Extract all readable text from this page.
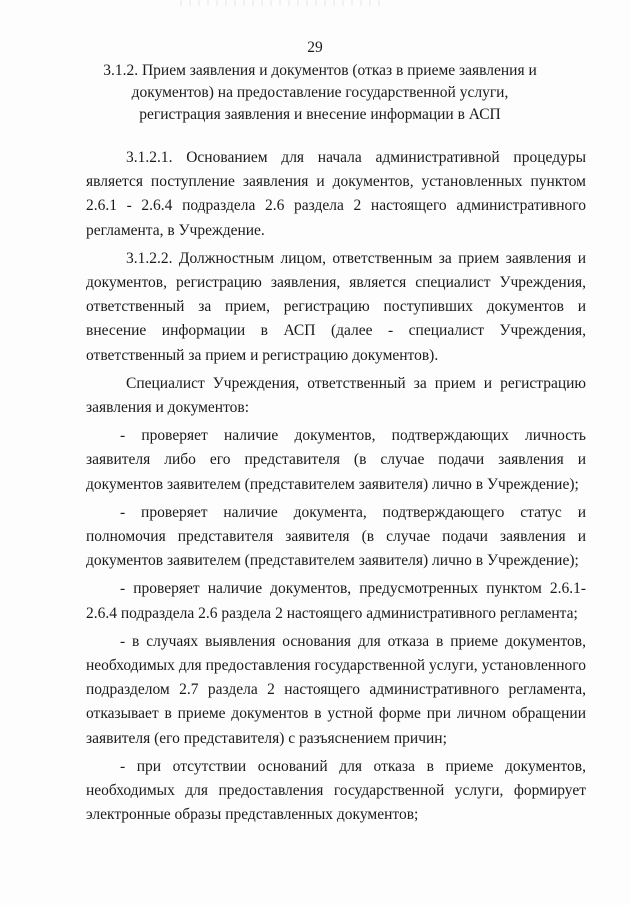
29
3.1.2. Прием заявления и документов (отказ в приеме заявления и документов) на предоставление государственной услуги, регистрация заявления и внесение информации в АСП

3.1.2.1. Основанием для начала административной процедуры является поступление заявления и документов, установленных пунктом 2.6.1 - 2.6.4 подраздела 2.6 раздела 2 настоящего административного регламента, в Учреждение.

3.1.2.2. Должностным лицом, ответственным за прием заявления и документов, регистрацию заявления, является специалист Учреждения, ответственный за прием, регистрацию поступивших документов и внесение информации в АСП (далее - специалист Учреждения, ответственный за прием и регистрацию документов).

Специалист Учреждения, ответственный за прием и регистрацию заявления и документов:

- проверяет наличие документов, подтверждающих личность заявителя либо его представителя (в случае подачи заявления и документов заявителем (представителем заявителя) лично в Учреждение);

- проверяет наличие документа, подтверждающего статус и полномочия представителя заявителя (в случае подачи заявления и документов заявителем (представителем заявителя) лично в Учреждение);

- проверяет наличие документов, предусмотренных пунктом 2.6.1-2.6.4 подраздела 2.6 раздела 2 настоящего административного регламента;

- в случаях выявления основания для отказа в приеме документов, необходимых для предоставления государственной услуги, установленного подразделом 2.7 раздела 2 настоящего административного регламента, отказывает в приеме документов в устной форме при личном обращении заявителя (его представителя) с разъяснением причин;

- при отсутствии оснований для отказа в приеме документов, необходимых для предоставления государственной услуги, формирует электронные образы представленных документов;
